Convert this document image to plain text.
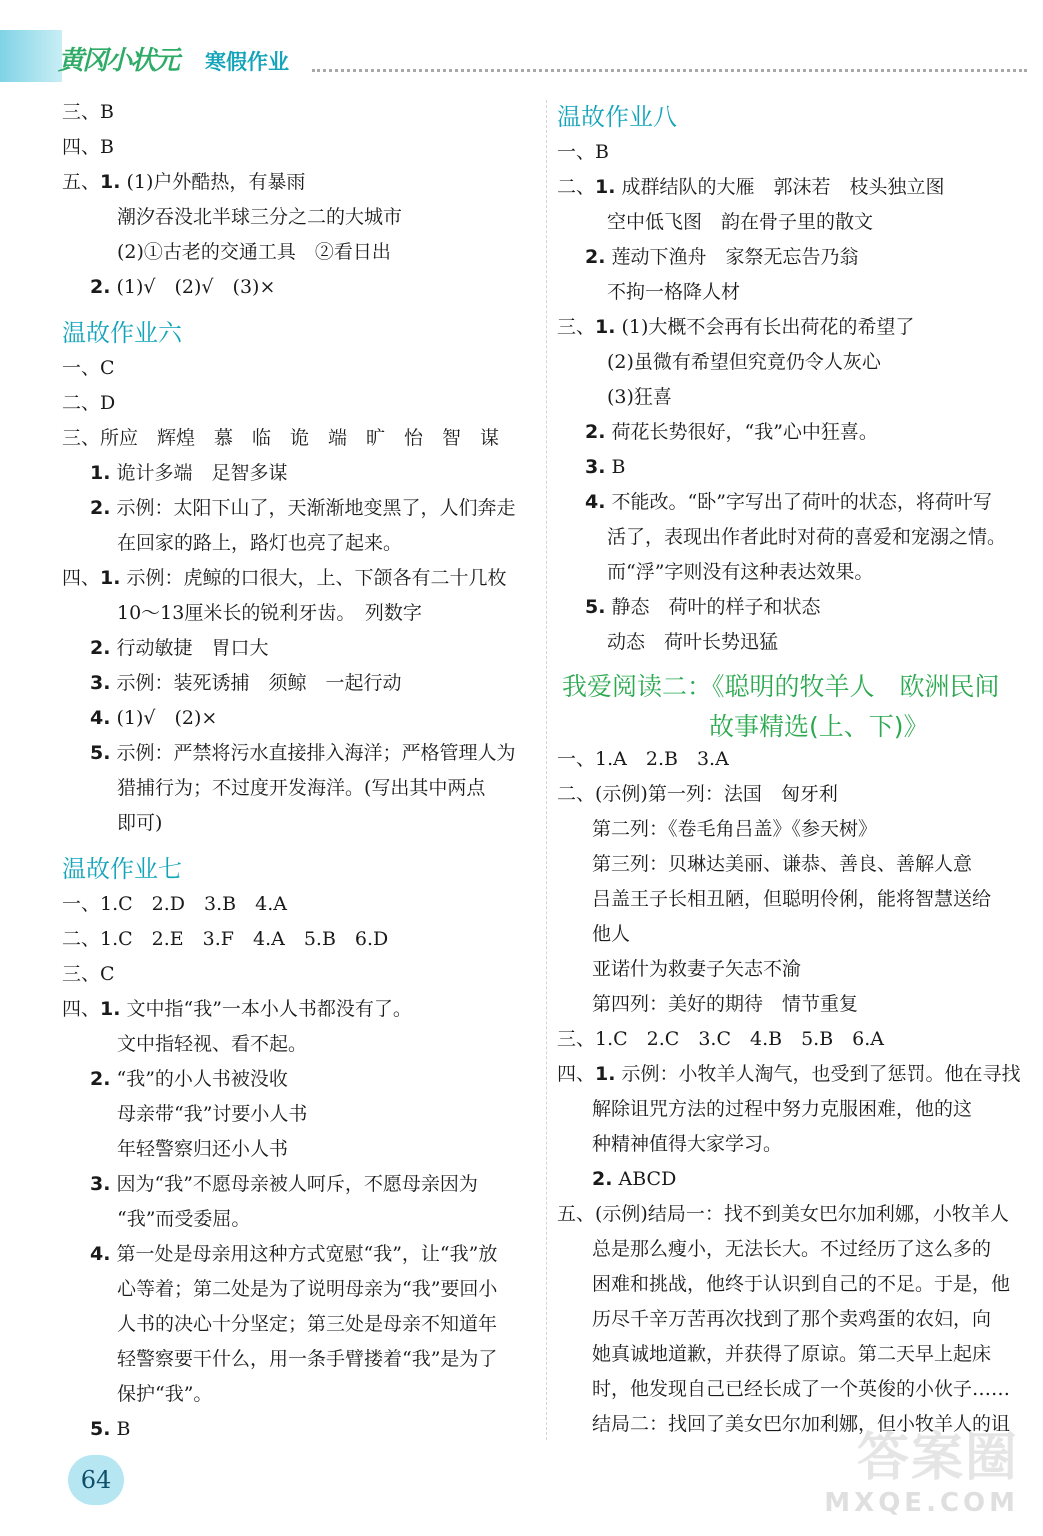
黄冈小状元 寒假作业
三、B
四、B
五、1. (1)户外酷热，有暴雨
潮汐吞没北半球三分之二的大城市
(2)①古老的交通工具　②看日出
2. (1)√　(2)√　(3)×
温故作业六
一、C
二、D
三、所应　辉煌　慕　临　诡　端　旷　怡　智　谋
1. 诡计多端　足智多谋
2. 示例：太阳下山了，天渐渐地变黑了，人们奔走
在回家的路上，路灯也亮了起来。
四、1. 示例：虎鲸的口很大，上、下颌各有二十几枚
10～13厘米长的锐利牙齿。　列数字
2. 行动敏捷　胃口大
3. 示例：装死诱捕　须鲸　一起行动
4. (1)√　(2)×
5. 示例：严禁将污水直接排入海洋；严格管理人为
猎捕行为；不过度开发海洋。(写出其中两点
即可)
温故作业七
一、1.C　2.D　3.B　4.A
二、1.C　2.E　3.F　4.A　5.B　6.D
三、C
四、1. 文中指“我”一本小人书都没有了。
文中指轻视、看不起。
2. “我”的小人书被没收
母亲带“我”讨要小人书
年轻警察归还小人书
3. 因为“我”不愿母亲被人呵斥，不愿母亲因为
“我”而受委屈。
4. 第一处是母亲用这种方式宽慰“我”，让“我”放
心等着；第二处是为了说明母亲为“我”要回小
人书的决心十分坚定；第三处是母亲不知道年
轻警察要干什么，用一条手臂搂着“我”是为了
保护“我”。
5. B
温故作业八
一、B
二、1. 成群结队的大雁　郭沫若　枝头独立图
空中低飞图　韵在骨子里的散文
2. 莲动下渔舟　家祭无忘告乃翁
不拘一格降人材
三、1. (1)大概不会再有长出荷花的希望了
(2)虽微有希望但究竟仍令人灰心
(3)狂喜
2. 荷花长势很好，“我”心中狂喜。
3. B
4. 不能改。“卧”字写出了荷叶的状态，将荷叶写
活了，表现出作者此时对荷的喜爱和宠溺之情。
而“浮”字则没有这种表达效果。
5. 静态　荷叶的样子和状态
动态　荷叶长势迅猛
我爱阅读二：《聪明的牧羊人　欧洲民间
故事精选(上、下)》
一、1.A　2.B　3.A
二、(示例)第一列：法国　匈牙利
第二列：《卷毛角吕盖》《参天树》
第三列：贝琳达美丽、谦恭、善良、善解人意
吕盖王子长相丑陋，但聪明伶俐，能将智慧送给
他人
亚诺什为救妻子矢志不渝
第四列：美好的期待　情节重复
三、1.C　2.C　3.C　4.B　5.B　6.A
四、1. 示例：小牧羊人淘气，也受到了惩罚。他在寻找
解除诅咒方法的过程中努力克服困难，他的这
种精神值得大家学习。
2. ABCD
五、(示例)结局一：找不到美女巴尔加利娜，小牧羊人
总是那么瘦小，无法长大。不过经历了这么多的
困难和挑战，他终于认识到自己的不足。于是，他
历尽千辛万苦再次找到了那个卖鸡蛋的农妇，向
她真诚地道歉，并获得了原谅。第二天早上起床
时，他发现自己已经长成了一个英俊的小伙子……
结局二：找回了美女巴尔加利娜，但小牧羊人的诅
64	答案圈
MXQE.COM
